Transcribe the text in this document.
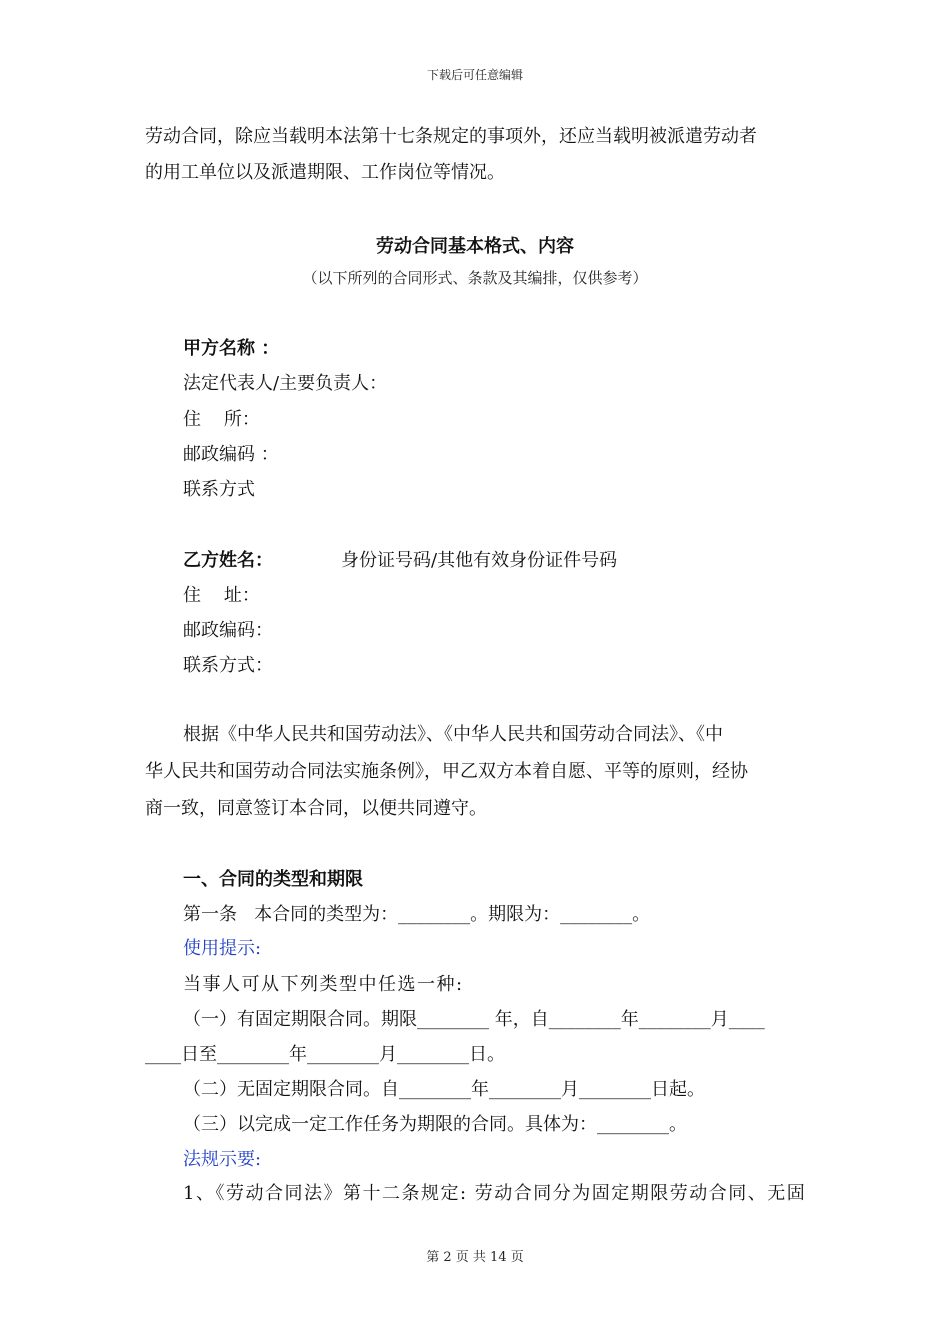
下载后可任意编辑
劳动合同，除应当载明本法第十七条规定的事项外，还应当载明被派遣劳动者
的用工单位以及派遣期限、工作岗位等情况。
劳动合同基本格式、内容
（以下所列的合同形式、条款及其编排，仅供参考）
甲方名称 ：
法定代表人/主要负责人：
住    所：
邮政编码 ：
联系方式
乙方姓名：	身份证号码/其他有效身份证件号码
住    址：
邮政编码：
联系方式：
根据《中华人民共和国劳动法》、《中华人民共和国劳动合同法》、《中
华人民共和国劳动合同法实施条例》，甲乙双方本着自愿、平等的原则，经协
商一致，同意签订本合同，以便共同遵守。
一、合同的类型和期限
第一条   本合同的类型为：________。期限为：________。
使用提示:
当事人可从下列类型中任选一种:
（一）有固定期限合同。期限________ 年，自________年________月____
____日至________年________月________日。
（二）无固定期限合同。自________年________月________日起。
（三）以完成一定工作任务为期限的合同。具体为：________。
法规示要:
1、《劳动合同法》第十二条规定: 劳动合同分为固定期限劳动合同、无固
第 2 页 共 14 页
